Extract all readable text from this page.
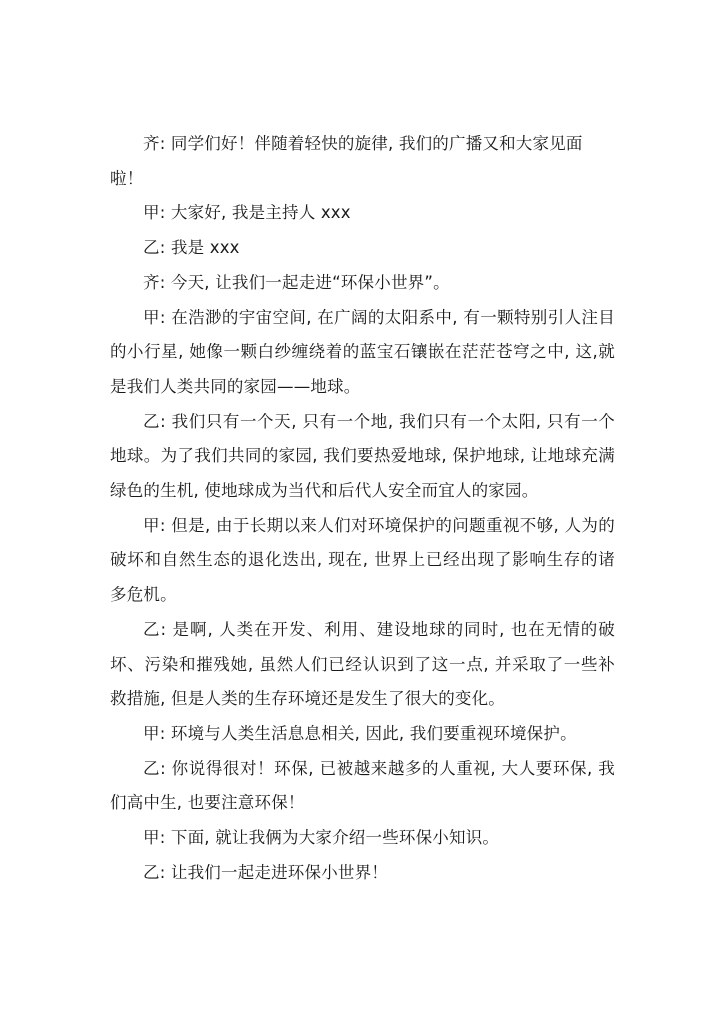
齐: 同学们好！伴随着轻快的旋律, 我们的广播又和大家见面啦！

甲: 大家好, 我是主持人 xxx

乙: 我是 xxx

齐: 今天, 让我们一起走进“环保小世界”。

甲: 在浩渺的宇宙空间, 在广阔的太阳系中, 有一颗特别引人注目的小行星, 她像一颗白纱缠绕着的蓝宝石镶嵌在茫茫苍穹之中, 这,就是我们人类共同的家园——地球。

乙: 我们只有一个天, 只有一个地, 我们只有一个太阳, 只有一个地球。为了我们共同的家园, 我们要热爱地球, 保护地球, 让地球充满绿色的生机, 使地球成为当代和后代人安全而宜人的家园。

甲: 但是, 由于长期以来人们对环境保护的问题重视不够, 人为的破坏和自然生态的退化迭出, 现在, 世界上已经出现了影响生存的诸多危机。

乙: 是啊, 人类在开发、利用、建设地球的同时, 也在无情的破坏、污染和摧残她, 虽然人们已经认识到了这一点, 并采取了一些补救措施, 但是人类的生存环境还是发生了很大的变化。

甲: 环境与人类生活息息相关, 因此, 我们要重视环境保护。

乙: 你说得很对！环保, 已被越来越多的人重视, 大人要环保, 我们高中生, 也要注意环保！

甲: 下面, 就让我俩为大家介绍一些环保小知识。

乙: 让我们一起走进环保小世界！
